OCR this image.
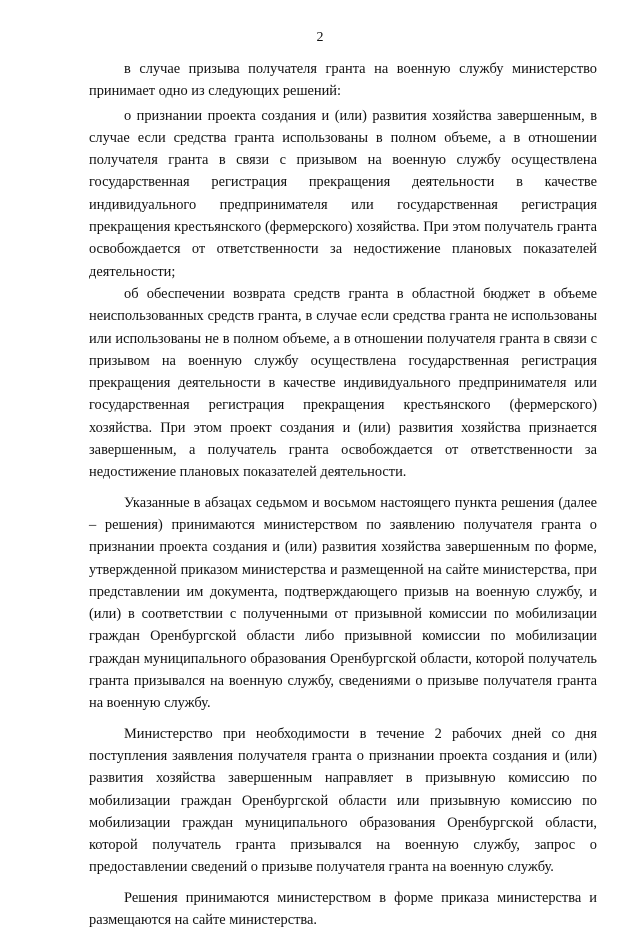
2

в случае призыва получателя гранта на военную службу министерство принимает одно из следующих решений:

о признании проекта создания и (или) развития хозяйства завершенным, в случае если средства гранта использованы в полном объеме, а в отношении получателя гранта в связи с призывом на военную службу осуществлена государственная регистрация прекращения деятельности в качестве индивидуального предпринимателя или государственная регистрация прекращения крестьянского (фермерского) хозяйства. При этом получатель гранта освобождается от ответственности за недостижение плановых показателей деятельности;

об обеспечении возврата средств гранта в областной бюджет в объеме неиспользованных средств гранта, в случае если средства гранта не использованы или использованы не в полном объеме, а в отношении получателя гранта в связи с призывом на военную службу осуществлена государственная регистрация прекращения деятельности в качестве индивидуального предпринимателя или государственная регистрация прекращения крестьянского (фермерского) хозяйства. При этом проект создания и (или) развития хозяйства признается завершенным, а получатель гранта освобождается от ответственности за недостижение плановых показателей деятельности.

Указанные в абзацах седьмом и восьмом настоящего пункта решения (далее – решения) принимаются министерством по заявлению получателя гранта о признании проекта создания и (или) развития хозяйства завершенным по форме, утвержденной приказом министерства и размещенной на сайте министерства, при представлении им документа, подтверждающего призыв на военную службу, и (или) в соответствии с полученными от призывной комиссии по мобилизации граждан Оренбургской области либо призывной комиссии по мобилизации граждан муниципального образования Оренбургской области, которой получатель гранта призывался на военную службу, сведениями о призыве получателя гранта на военную службу.

Министерство при необходимости в течение 2 рабочих дней со дня поступления заявления получателя гранта о признании проекта создания и (или) развития хозяйства завершенным направляет в призывную комиссию по мобилизации граждан Оренбургской области или призывную комиссию по мобилизации граждан муниципального образования Оренбургской области, которой получатель гранта призывался на военную службу, запрос о предоставлении сведений о призыве получателя гранта на военную службу.

Решения принимаются министерством в форме приказа министерства и размещаются на сайте министерства.
